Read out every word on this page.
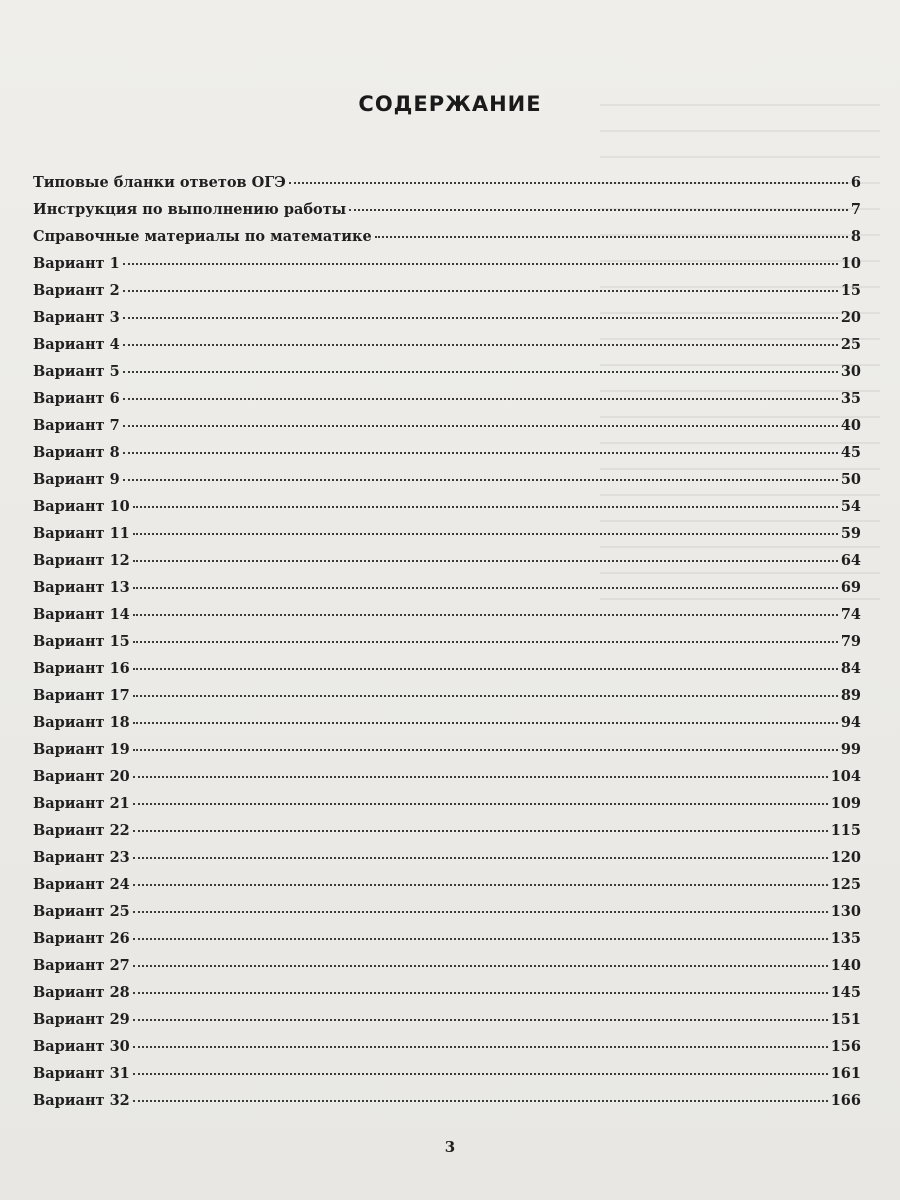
СОДЕРЖАНИЕ
Типовые бланки ответов ОГЭ	6
Инструкция по выполнению работы	7
Справочные материалы по математике	8
Вариант 1	10
Вариант 2	15
Вариант 3	20
Вариант 4	25
Вариант 5	30
Вариант 6	35
Вариант 7	40
Вариант 8	45
Вариант 9	50
Вариант 10	54
Вариант 11	59
Вариант 12	64
Вариант 13	69
Вариант 14	74
Вариант 15	79
Вариант 16	84
Вариант 17	89
Вариант 18	94
Вариант 19	99
Вариант 20	104
Вариант 21	109
Вариант 22	115
Вариант 23	120
Вариант 24	125
Вариант 25	130
Вариант 26	135
Вариант 27	140
Вариант 28	145
Вариант 29	151
Вариант 30	156
Вариант 31	161
Вариант 32	166
3
